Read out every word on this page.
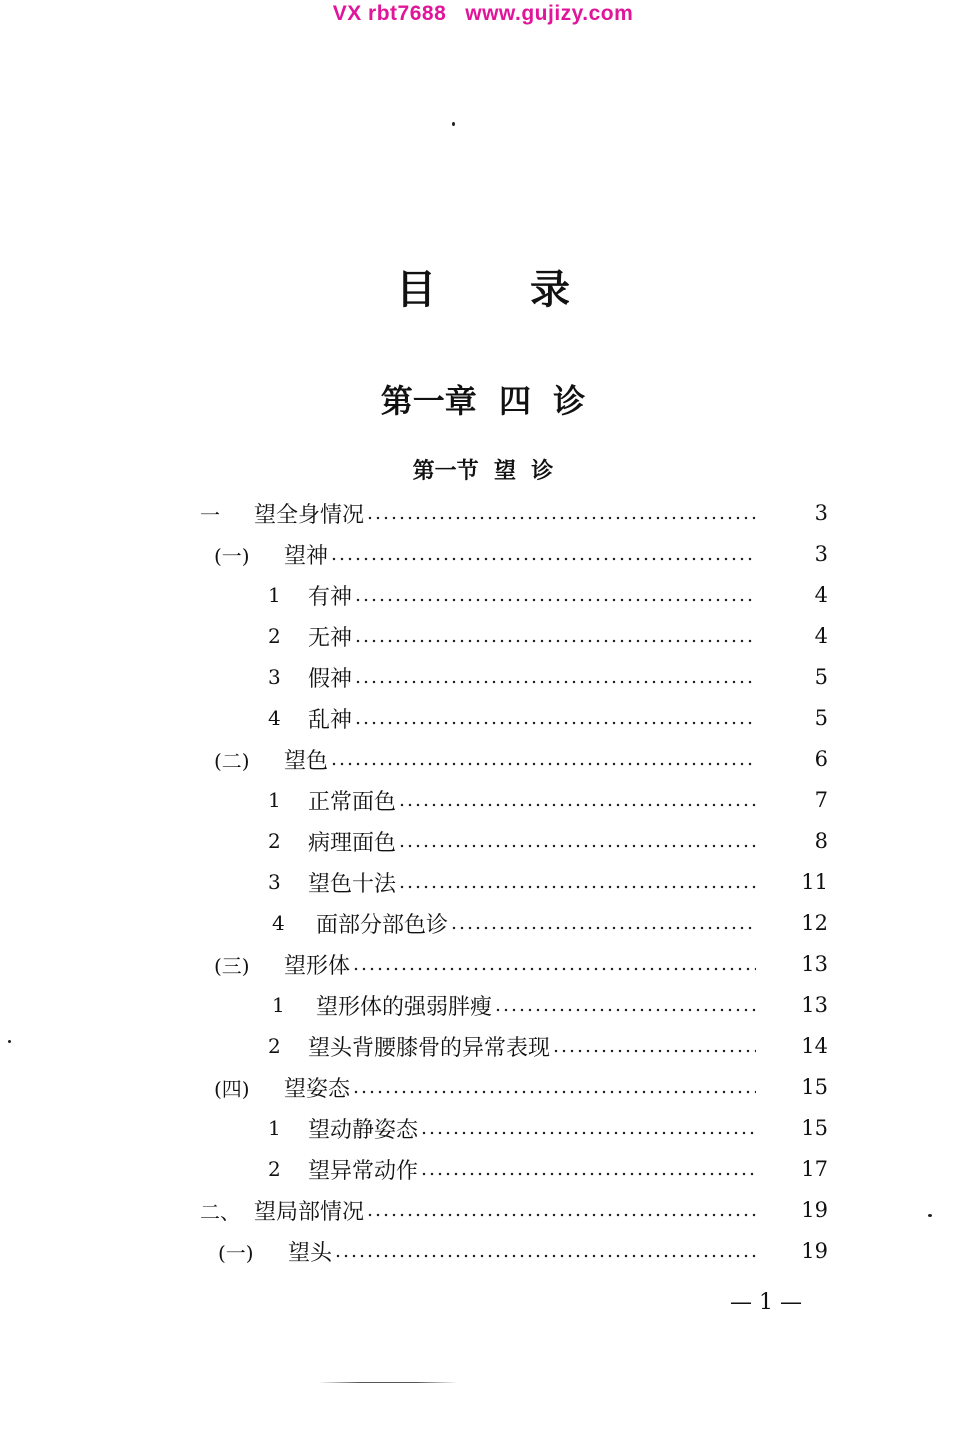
VX rbt7688   www.gujizy.com
目 录
第一章  四  诊
第一节  望  诊
一	望全身情况	3
(一)	望神	3
1	有神	4
2	无神	4
3	假神	5
4	乱神	5
(二)	望色	6
1	正常面色	7
2	病理面色	8
3	望色十法	11
4	面部分部色诊	12
(三)	望形体	13
1	望形体的强弱胖瘦	13
2	望头背腰膝骨的异常表现	14
(四)	望姿态	15
1	望动静姿态	15
2	望异常动作	17
二、 望局部情况	19
(一)	望头	19
— 1 —
